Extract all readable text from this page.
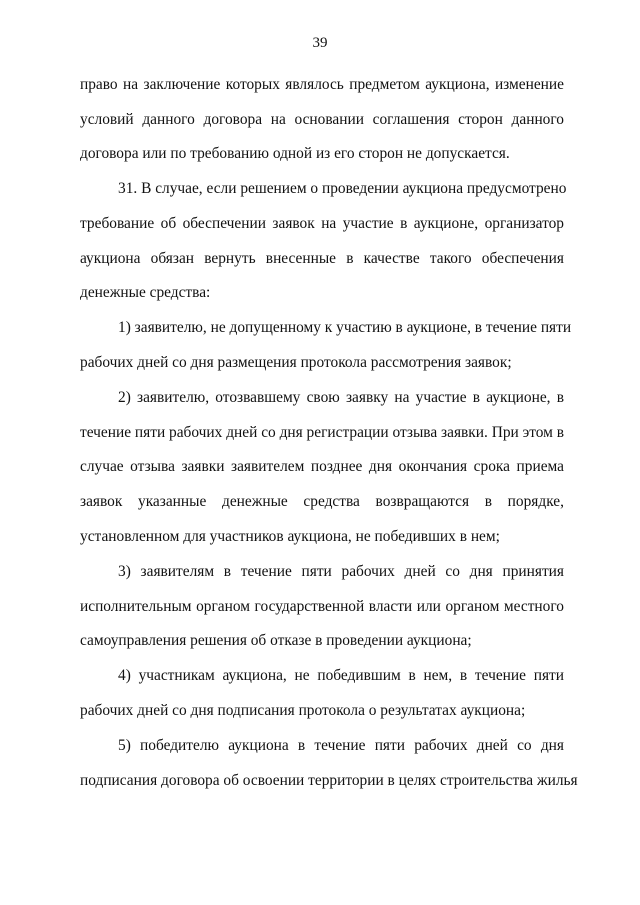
39
право на заключение которых являлось предметом аукциона, изменение
условий данного договора на основании соглашения сторон данного
договора или по требованию одной из его сторон не допускается.
31. В случае, если решением о проведении аукциона предусмотрено
требование об обеспечении заявок на участие в аукционе, организатор
аукциона обязан вернуть внесенные в качестве такого обеспечения
денежные средства:
1) заявителю, не допущенному к участию в аукционе, в течение пяти
рабочих дней со дня размещения протокола рассмотрения заявок;
2) заявителю, отозвавшему свою заявку на участие в аукционе, в
течение пяти рабочих дней со дня регистрации отзыва заявки. При этом в
случае отзыва заявки заявителем позднее дня окончания срока приема
заявок указанные денежные средства возвращаются в порядке,
установленном для участников аукциона, не победивших в нем;
3) заявителям в течение пяти рабочих дней со дня принятия
исполнительным органом государственной власти или органом местного
самоуправления решения об отказе в проведении аукциона;
4) участникам аукциона, не победившим в нем, в течение пяти
рабочих дней со дня подписания протокола о результатах аукциона;
5) победителю аукциона в течение пяти рабочих дней со дня
подписания договора об освоении территории в целях строительства жилья
